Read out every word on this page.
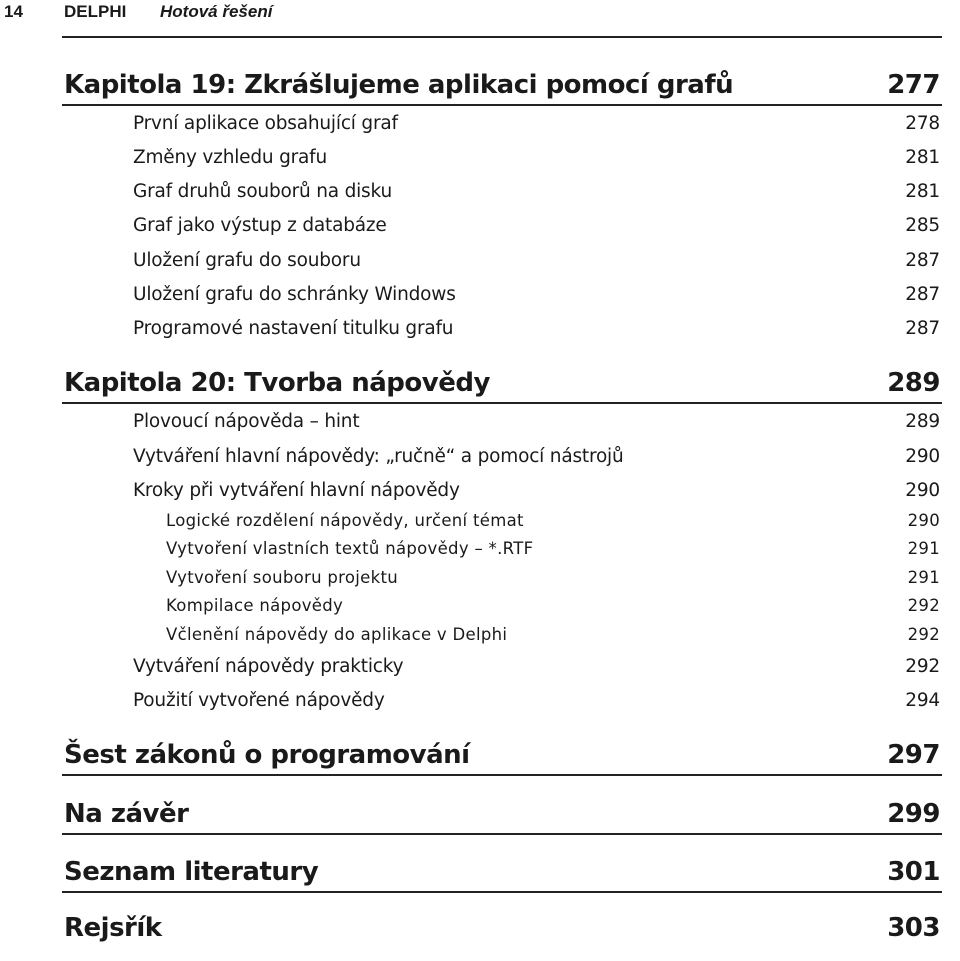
14 DELPHI Hotová řešení
Kapitola 19: Zkrášlujeme aplikaci pomocí grafů	277
První aplikace obsahující graf	278
Změny vzhledu grafu	281
Graf druhů souborů na disku	281
Graf jako výstup z databáze	285
Uložení grafu do souboru	287
Uložení grafu do schránky Windows	287
Programové nastavení titulku grafu	287
Kapitola 20: Tvorba nápovědy	289
Plovoucí nápověda – hint	289
Vytváření hlavní nápovědy: „ručně“ a pomocí nástrojů	290
Kroky při vytváření hlavní nápovědy	290
Logické rozdělení nápovědy, určení témat	290
Vytvoření vlastních textů nápovědy – *.RTF	291
Vytvoření souboru projektu	291
Kompilace nápovědy	292
Včlenění nápovědy do aplikace v Delphi	292
Vytváření nápovědy prakticky	292
Použití vytvořené nápovědy	294
Šest zákonů o programování	297
Na závěr	299
Seznam literatury	301
Rejsřík	303
